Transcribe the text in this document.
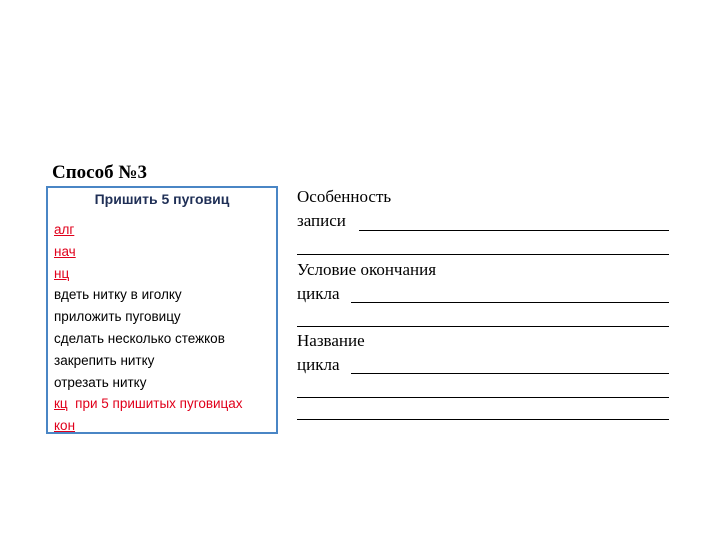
Способ №3
Пришить 5 пуговиц
алг
нач
нц
вдеть нитку в иголку
приложить пуговицу
сделать несколько стежков
закрепить нитку
отрезать нитку
кц при 5 пришитых пуговицах
кон
Особенность
записи
Условие окончания
цикла
Название
цикла
